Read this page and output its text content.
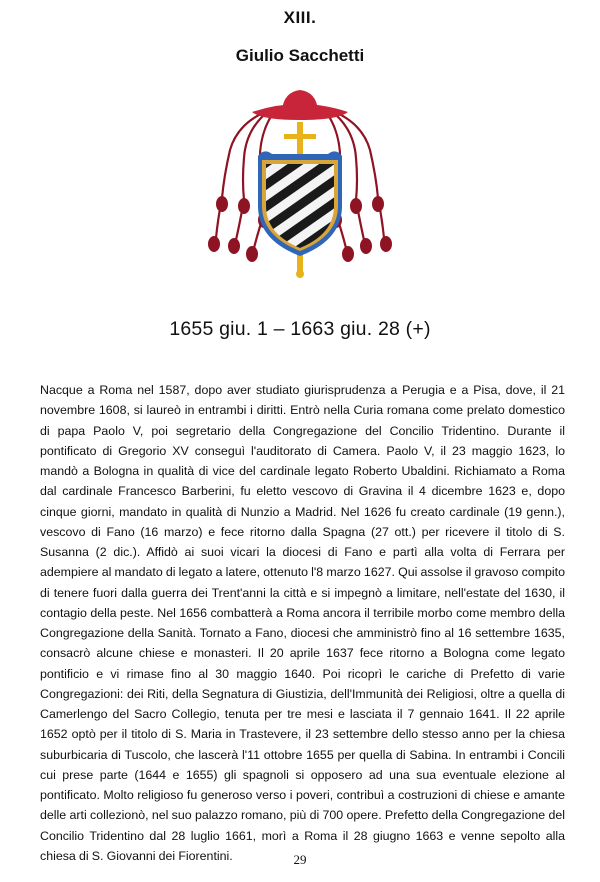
XIII.
Giulio Sacchetti
1655 giu. 1 – 1663 giu. 28 (+)

Nacque a Roma nel 1587, dopo aver studiato giurisprudenza a Perugia e a Pisa, dove, il 21 novembre 1608, si laureò in entrambi i diritti. Entrò nella Curia romana come prelato domestico di papa Paolo V, poi segretario della Congregazione del Concilio Tridentino. Durante il pontificato di Gregorio XV conseguì l'auditorato di Camera. Paolo V, il 23 maggio 1623, lo mandò a Bologna in qualità di vice del cardinale legato Roberto Ubaldini. Richiamato a Roma dal cardinale Francesco Barberini, fu eletto vescovo di Gravina il 4 dicembre 1623 e, dopo cinque giorni, mandato in qualità di Nunzio a Madrid. Nel 1626 fu creato cardinale (19 genn.), vescovo di Fano (16 marzo) e fece ritorno dalla Spagna (27 ott.) per ricevere il titolo di S. Susanna (2 dic.). Affidò ai suoi vicari la diocesi di Fano e partì alla volta di Ferrara per adempiere al mandato di legato a latere, ottenuto l'8 marzo 1627. Qui assolse il gravoso compito di tenere fuori dalla guerra dei Trent'anni la città e si impegnò a limitare, nell'estate del 1630, il contagio della peste. Nel 1656 combatterà a Roma ancora il terribile morbo come membro della Congregazione della Sanità. Tornato a Fano, diocesi che amministrò fino al 16 settembre 1635, consacrò alcune chiese e monasteri. Il 20 aprile 1637 fece ritorno a Bologna come legato pontificio e vi rimase fino al 30 maggio 1640. Poi ricoprì le cariche di Prefetto di varie Congregazioni: dei Riti, della Segnatura di Giustizia, dell'Immunità dei Religiosi, oltre a quella di Camerlengo del Sacro Collegio, tenuta per tre mesi e lasciata il 7 gennaio 1641. Il 22 aprile 1652 optò per il titolo di S. Maria in Trastevere, il 23 settembre dello stesso anno per la chiesa suburbicaria di Tuscolo, che lascerà l'11 ottobre 1655 per quella di Sabina. In entrambi i Concili cui prese parte (1644 e 1655) gli spagnoli si opposero ad una sua eventuale elezione al pontificato. Molto religioso fu generoso verso i poveri, contribuì a costruzioni di chiese e amante delle arti collezionò, nel suo palazzo romano, più di 700 opere. Prefetto della Congregazione del Concilio Tridentino dal 28 luglio 1661, morì a Roma il 28 giugno 1663 e venne sepolto alla chiesa di S. Giovanni dei Fiorentini.	29
